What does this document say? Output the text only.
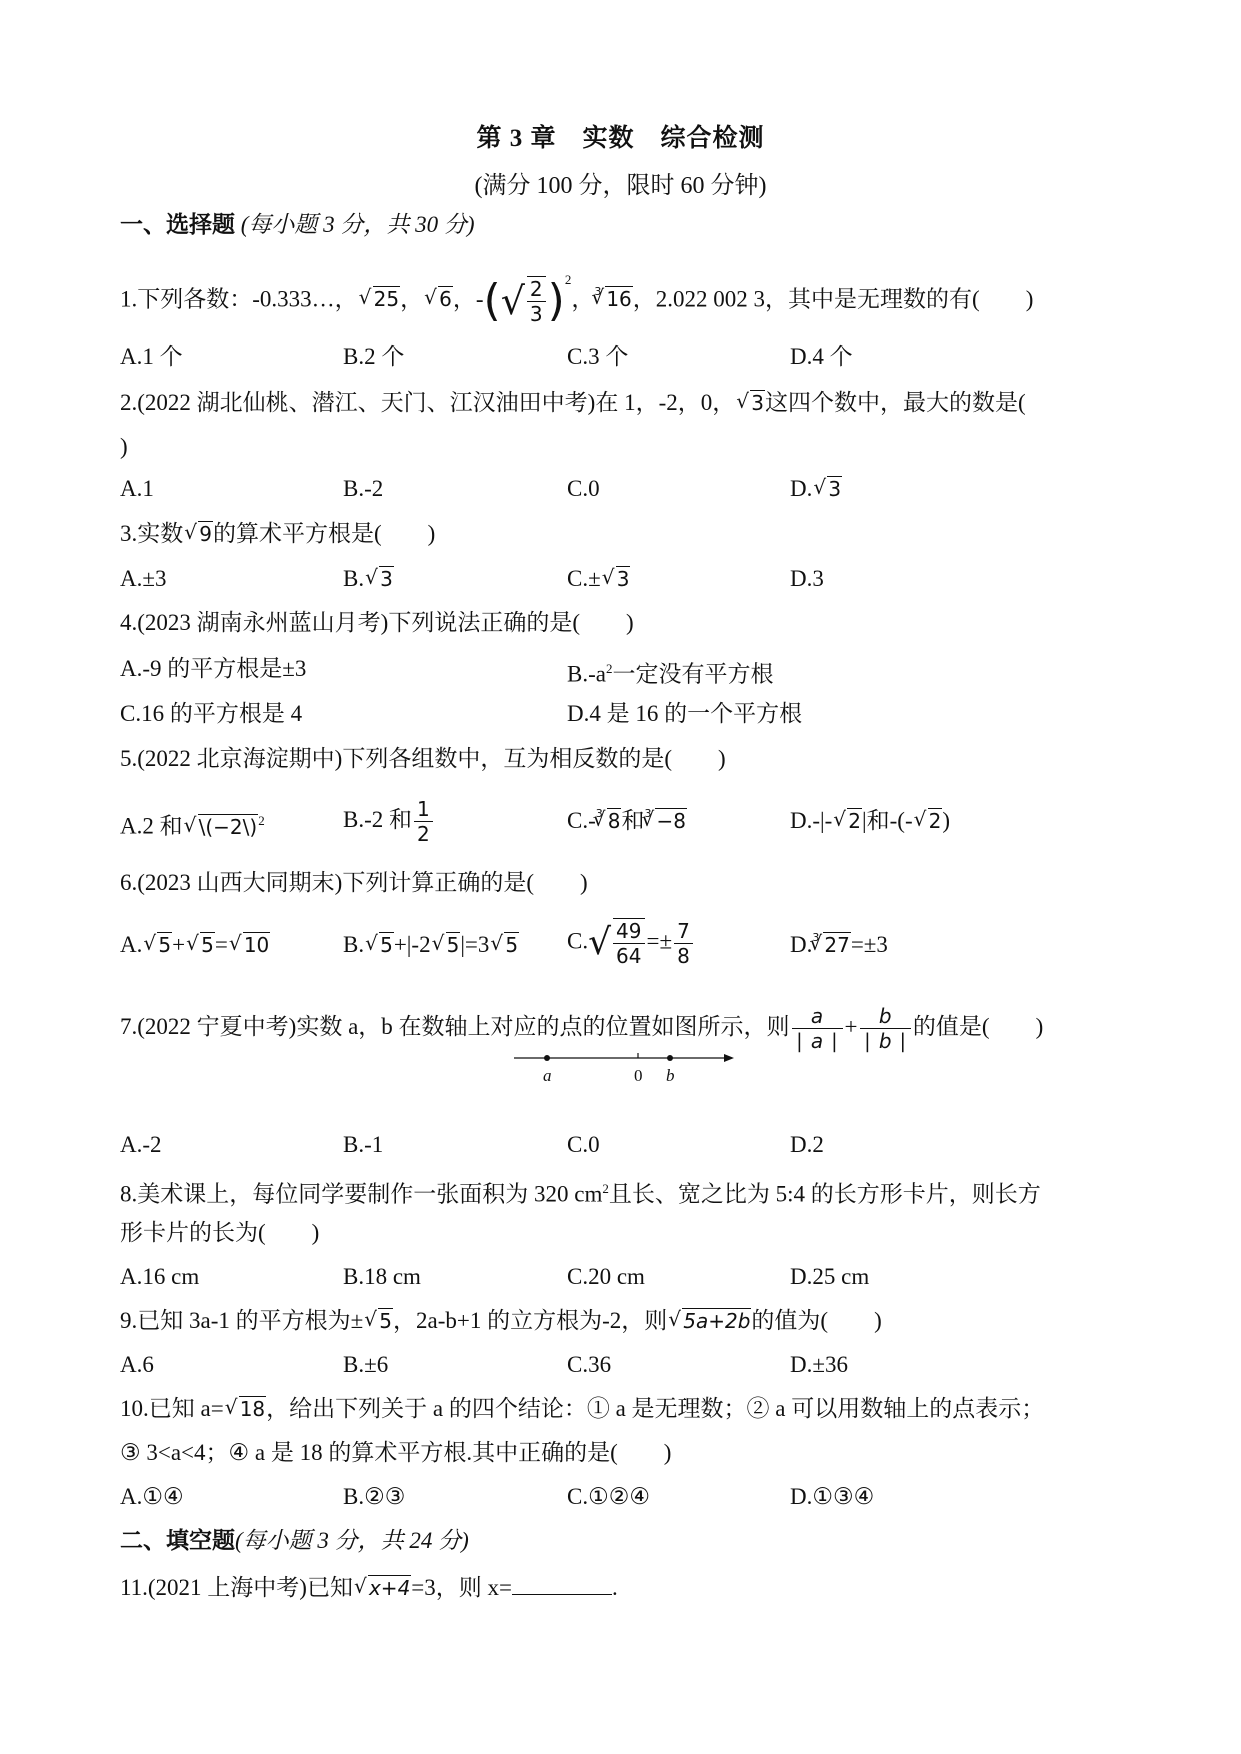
第 3 章　实数　综合检测
(满分 100 分，限时 60 分钟)
一、选择题 (每小题 3 分，共 30 分)
1.下列各数：-0.333…， √ 25， √ 6，-(√ $\frac{2}{3} )^2$，$^3$ √ 16，2.022 002 3，其中是无理数的有(　　)
A.1 个	B.2 个	C.3 个	D.4 个
2.(2022 湖北仙桃、潜江、天门、江汉油田中考)在 1，-2，0， √ 3这四个数中，最大的数是(
)
A.1	B.-2	C.0	D. √ 3
3.实数 √ 9的算术平方根是(　　)
A.±3	B. √ 3	C.± √ 3	D.3
4.(2023 湖南永州蓝山月考)下列说法正确的是(　　)
A.-9 的平方根是±3	$B.-a^2$一定没有平方根
C.16 的平方根是 4	D.4 是 16 的一个平方根
5.(2022 北京海淀期中)下列各组数中，互为相反数的是(　　)
A.2 和 √ \(−2\)$^2$	B.-2 和 $\frac{1}{2}$	C.-$^3$ √ 8和$^3$ √ −8	D.-|- √ 2|和-(- √ 2)
6.(2023 山西大同期末)下列计算正确的是(　　)
A. √ 5+ √ 5= √ 10	B. √ 5+|-2 √ 5|=3 √ 5 $C.√ \frac{49}{64} =\pm \frac{7}{8}$	D.$^3$ √ 27=±3
7.(2022 宁夏中考)实数 a，b 在数轴上对应的点的位置如图所示，则 $\frac{a}{∣ a ∣} + \frac{b}{∣ b ∣}$ 的值是(　　)
a	0 b
A.-2	B.-1	C.0	D.2
8.美术课上，每位同学要制作一张面积为 320 $cm^2$且长、宽之比为 5:4 的长方形卡片，则长方
形卡片的长为(　　)
A.16 cm	B.18 cm	C.20 cm	D.25 cm
9.已知 3a-1 的平方根为± √ 5，2a-b+1 的立方根为-2，则 √ 5a+2b的值为(　　)
A.6	B.±6	C.36	D.±36
10.已知 a= √ 18，给出下列关于 a 的四个结论：① a 是无理数；② a 可以用数轴上的点表示；
③ 3<a<4；④ a 是 18 的算术平方根.其中正确的是(　　)
A.①④	B.②③	C.①②④	D.①③④
二、填空题(每小题 3 分，共 24 分)
11.(2021 上海中考)已知 √ x+4=3，则 x=	.
